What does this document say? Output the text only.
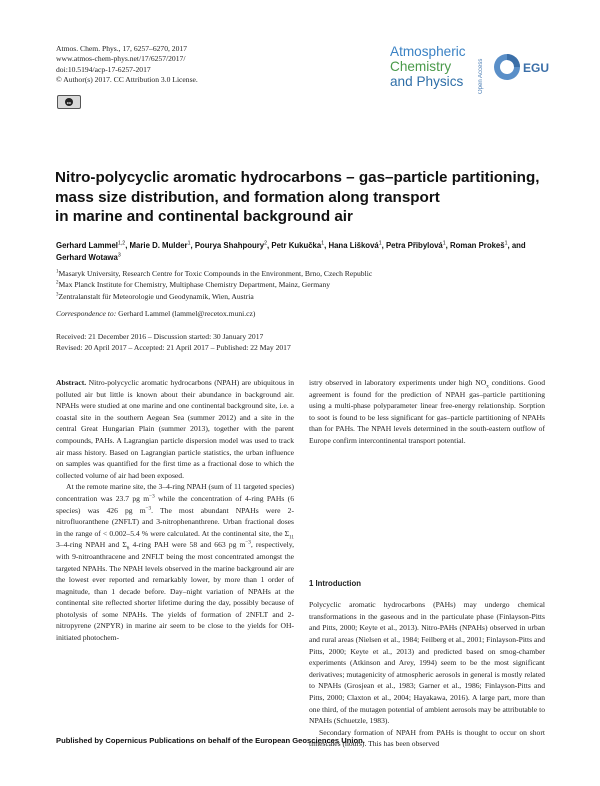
Atmos. Chem. Phys., 17, 6257–6270, 2017
www.atmos-chem-phys.net/17/6257/2017/
doi:10.5194/acp-17-6257-2017
© Author(s) 2017. CC Attribution 3.0 License.
cc
Atmospheric
Chemistry
and Physics	Open Access	EGU
Nitro-polycyclic aromatic hydrocarbons – gas–particle partitioning,
mass size distribution, and formation along transport
in marine and continental background air
Gerhard Lammel$^{1,2}$, Marie D. Mulder$^1$, Pourya Shahpoury$^2$, Petr Kukučka$^1$, Hana Lišková$^1$, Petra Přibylová$^1$, Roman Prokeš$^1$, and Gerhard Wotawa$^3$
$^1$Masaryk University, Research Centre for Toxic Compounds in the Environment, Brno, Czech Republic
$^2$Max Planck Institute for Chemistry, Multiphase Chemistry Department, Mainz, Germany
$^3$Zentralanstalt für Meteorologie und Geodynamik, Wien, Austria
Correspondence to: Gerhard Lammel (lammel@recetox.muni.cz)
Received: 21 December 2016 – Discussion started: 30 January 2017
Revised: 20 April 2017 – Accepted: 21 April 2017 – Published: 22 May 2017

Abstract. Nitro-polycyclic aromatic hydrocarbons (NPAH) are ubiquitous in polluted air but little is known about their abundance in background air. NPAHs were studied at one marine and one continental background site, i.e. a coastal site in the southern Aegean Sea (summer 2012) and a site in the central Great Hungarian Plain (summer 2013), together with the parent compounds, PAHs. A Lagrangian particle dispersion model was used to track air mass history. Based on Lagrangian particle statistics, the urban influence on samples was quantified for the first time as a fractional dose to which the collected volume of air had been exposed.

At the remote marine site, the 3–4-ring NPAH (sum of 11 targeted species) concentration was 23.7 pg $m^{-3}$ while the concentration of 4-ring PAHs (6 species) was 426 pg $m^{-3}$. The most abundant NPAHs were 2-nitrofluoranthene (2NFLT) and 3-nitrophenanthrene. Urban fractional doses in the range of < 0.002–5.4 % were calculated. At the continental site, the $\Sigma_{11}$ 3–4-ring NPAH and $\Sigma_6$ 4-ring PAH were 58 and 663 pg $m^{-3}$, respectively, with 9-nitroanthracene and 2NFLT being the most concentrated amongst the targeted NPAHs. The NPAH levels observed in the marine background air are the lowest ever reported and remarkably lower, by more than 1 order of magnitude, than 1 decade before. Day–night variation of NPAHs at the continental site reflected shorter lifetime during the day, possibly because of photolysis of some NPAHs. The yields of formation of 2NFLT and 2-nitropyrene (2NPYR) in marine air seem to be close to the yields for OH-initiated photochem-

istry observed in laboratory experiments under high $NO_x$ conditions. Good agreement is found for the prediction of NPAH gas–particle partitioning using a multi-phase polyparameter linear free-energy relationship. Sorption to soot is found to be less significant for gas–particle partitioning of NPAHs than for PAHs. The NPAH levels determined in the south-eastern outflow of Europe confirm intercontinental transport potential.

1 Introduction

Polycyclic aromatic hydrocarbons (PAHs) may undergo chemical transformations in the gaseous and in the particulate phase (Finlayson-Pitts and Pitts, 2000; Keyte et al., 2013). Nitro-PAHs (NPAHs) observed in urban and rural areas (Nielsen et al., 1984; Feilberg et al., 2001; Finlayson-Pitts and Pitts, 2000; Keyte et al., 2013) and predicted based on smog-chamber experiments (Atkinson and Arey, 1994) seem to be the most significant derivatives; mutagenicity of atmospheric aerosols in general is mostly related to NPAHs (Grosjean et al., 1983; Garner et al., 1986; Finlayson-Pitts and Pitts, 2000; Claxton et al., 2004; Hayakawa, 2016). A large part, more than one third, of the mutagen potential of ambient aerosols may be attributable to NPAHs (Schuetzle, 1983).

Secondary formation of NPAH from PAHs is thought to occur on short timescales (hours). This has been observed

Published by Copernicus Publications on behalf of the European Geosciences Union.
